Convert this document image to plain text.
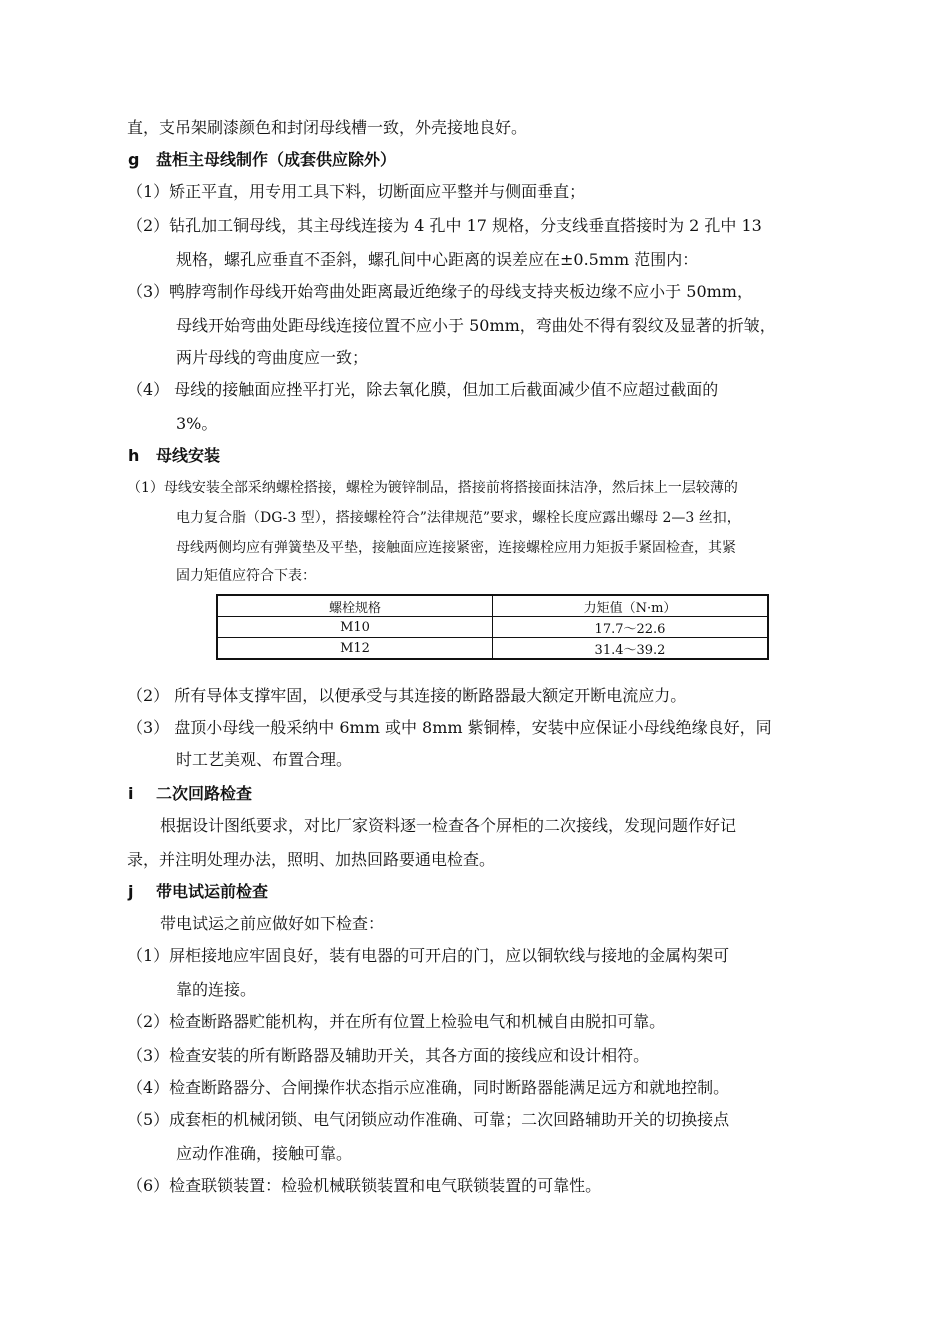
直，支吊架刷漆颜色和封闭母线槽一致，外壳接地良好。
g 盘柜主母线制作（成套供应除外）
（1）矫正平直，用专用工具下料，切断面应平整并与侧面垂直；
（2）钻孔加工铜母线，其主母线连接为 4 孔中 17 规格，分支线垂直搭接时为 2 孔中 13
规格，螺孔应垂直不歪斜，螺孔间中心距离的误差应在±0.5mm 范围内：
（3）鸭脖弯制作母线开始弯曲处距离最近绝缘子的母线支持夹板边缘不应小于 50mm，
母线开始弯曲处距母线连接位置不应小于 50mm，弯曲处不得有裂纹及显著的折皱，
两片母线的弯曲度应一致；
（4） 母线的接触面应挫平打光，除去氧化膜，但加工后截面减少值不应超过截面的
3%。
h 母线安装
（1）母线安装全部采纳螺栓搭接，螺栓为镀锌制品，搭接前将搭接面抹洁净，然后抹上一层较薄的
电力复合脂（DG-3 型），搭接螺栓符合”法律规范”要求，螺栓长度应露出螺母 2—3 丝扣，
母线两侧均应有弹簧垫及平垫，接触面应连接紧密，连接螺栓应用力矩扳手紧固检查，其紧
固力矩值应符合下表：
螺栓规格	力矩值（N·m）
M10	17.7～22.6
M12	31.4～39.2
（2） 所有导体支撑牢固，以便承受与其连接的断路器最大额定开断电流应力。
（3） 盘顶小母线一般采纳中 6mm 或中 8mm 紫铜棒，安装中应保证小母线绝缘良好，同
时工艺美观、布置合理。
i 二次回路检查
根据设计图纸要求，对比厂家资料逐一检查各个屏柜的二次接线，发现问题作好记
录，并注明处理办法，照明、加热回路要通电检查。
j 带电试运前检查
带电试运之前应做好如下检查：
（1）屏柜接地应牢固良好，装有电器的可开启的门，应以铜软线与接地的金属构架可
靠的连接。
（2）检查断路器贮能机构，并在所有位置上检验电气和机械自由脱扣可靠。
（3）检查安装的所有断路器及辅助开关，其各方面的接线应和设计相符。
（4）检查断路器分、合闸操作状态指示应准确，同时断路器能满足远方和就地控制。
（5）成套柜的机械闭锁、电气闭锁应动作准确、可靠；二次回路辅助开关的切换接点
应动作准确，接触可靠。
（6）检查联锁装置：检验机械联锁装置和电气联锁装置的可靠性。
